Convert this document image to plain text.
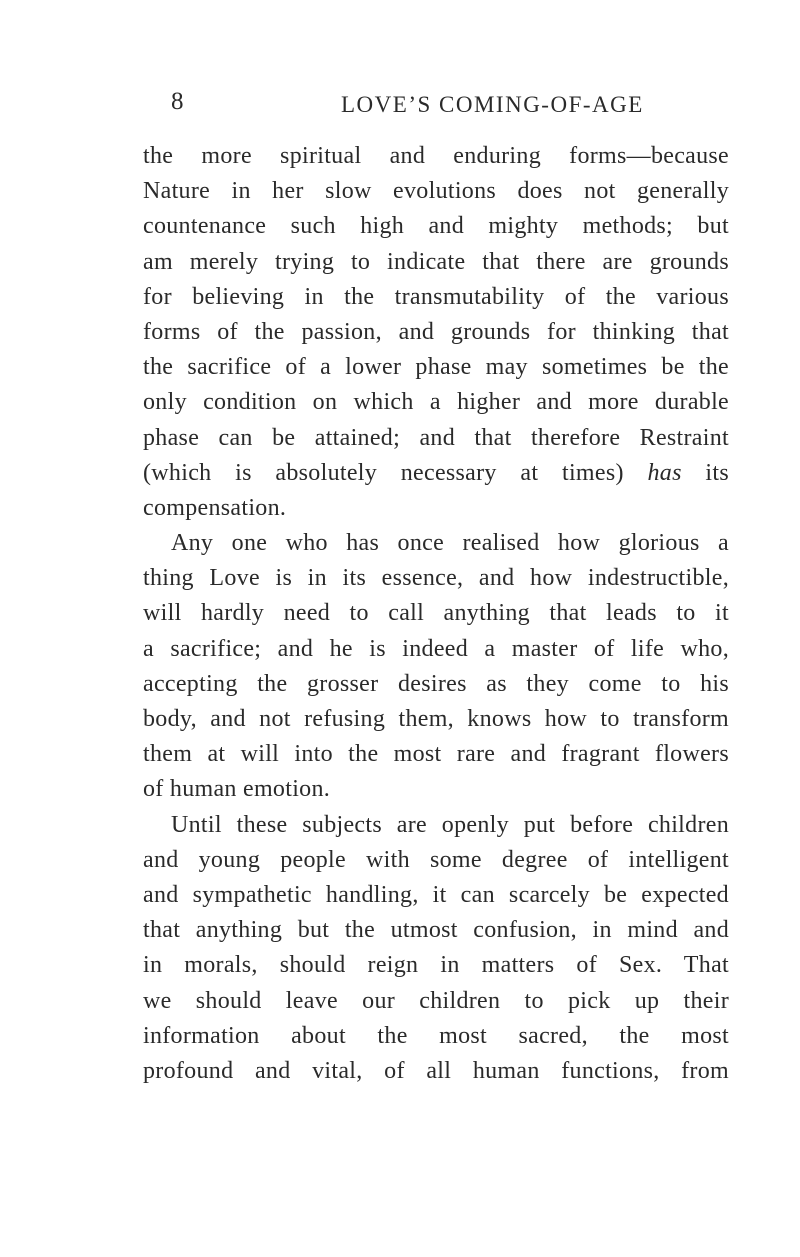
8	LOVE’S COMING-OF-AGE
the more spiritual and enduring forms—because
Nature in her slow evolutions does not generally
countenance such high and mighty methods; but
am merely trying to indicate that there are grounds
for believing in the transmutability of the various
forms of the passion, and grounds for thinking that
the sacrifice of a lower phase may sometimes be the
only condition on which a higher and more durable
phase can be attained; and that therefore Restraint
(which is absolutely necessary at times) has its
compensation.
Any one who has once realised how glorious a
thing Love is in its essence, and how indestructible,
will hardly need to call anything that leads to it
a sacrifice; and he is indeed a master of life who,
accepting the grosser desires as they come to his
body, and not refusing them, knows how to transform
them at will into the most rare and fragrant flowers
of human emotion.
Until these subjects are openly put before children
and young people with some degree of intelligent
and sympathetic handling, it can scarcely be expected
that anything but the utmost confusion, in mind and
in morals, should reign in matters of Sex. That
we should leave our children to pick up their
information about the most sacred, the most
profound and vital, of all human functions, from
